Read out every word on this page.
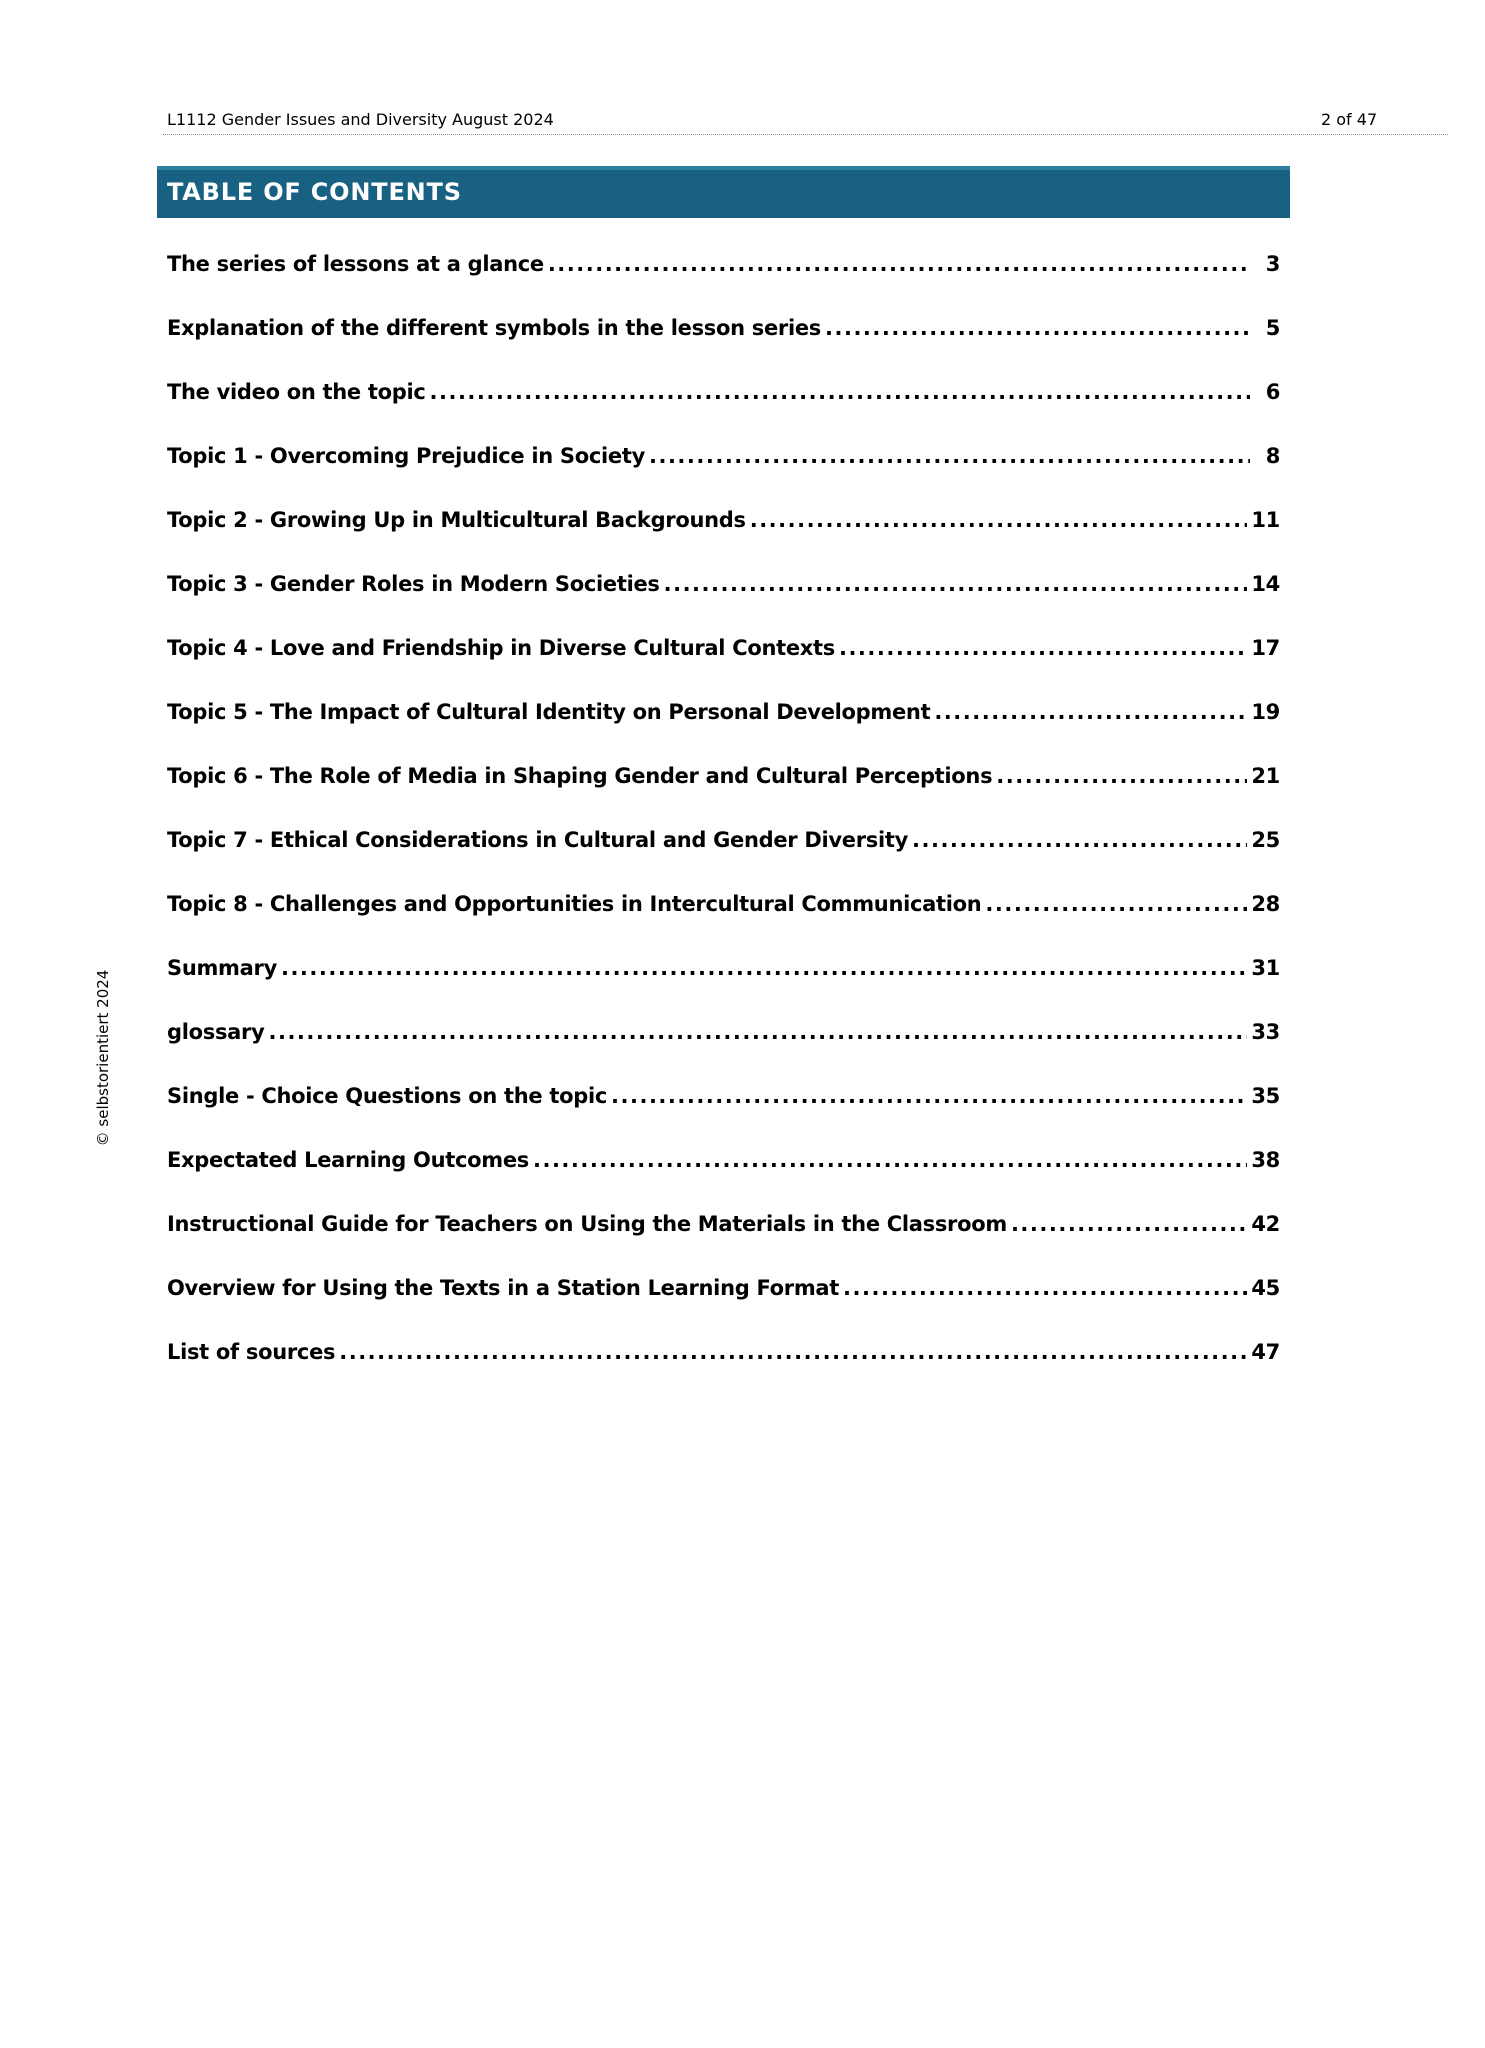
L1112 Gender Issues and Diversity August 2024	2 of 47
TABLE OF CONTENTS
The series of lessons at a glance .....	3
Explanation of the different symbols in the lesson series .....	5
The video on the topic .....	6
Topic 1 - Overcoming Prejudice in Society .....	8
Topic 2 - Growing Up in Multicultural Backgrounds .....	11
Topic 3 - Gender Roles in Modern Societies .....	14
Topic 4 - Love and Friendship in Diverse Cultural Contexts .....	17
Topic 5 - The Impact of Cultural Identity on Personal Development .....	19
Topic 6 - The Role of Media in Shaping Gender and Cultural Perceptions .....	21
Topic 7 - Ethical Considerations in Cultural and Gender Diversity .....	25
Topic 8 - Challenges and Opportunities in Intercultural Communication .....	28
Summary .....	31
glossary .....	33
Single - Choice Questions on the topic .....	35
Expectated Learning Outcomes .....	38
Instructional Guide for Teachers on Using the Materials in the Classroom .....	42
Overview for Using the Texts in a Station Learning Format .....	45
List of sources .....	47
© selbstorientiert 2024
